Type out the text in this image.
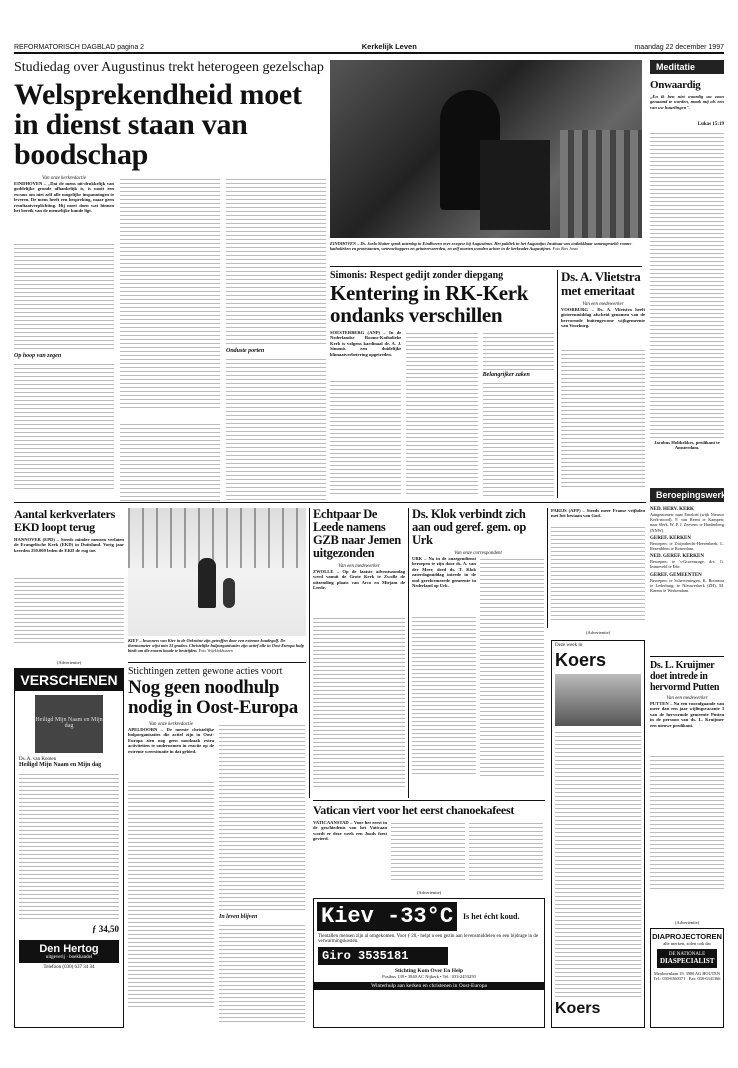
REFORMATORISCH DAGBLAD pagina 2	Kerkelijk Leven	maandag 22 december 1997
Studiedag over Augustinus trekt heterogeen gezelschap
Welsprekendheid moet in dienst staan van boodschap
Van onze kerkredactie
EINDHOVEN – „Dat de mens uit-drukkelijk van goddelijke gronde afhankelijk is, is nooit een excuus om niet zelf alle mogelijke inspanningen te leveren. De mens heeft een bespreking, maar geen resultaatverplichting. Hij moet doen wat binnen het bereik van de menselijke kunde ligt.
Op hoop van zegen

Onduste porten
EINDHOVEN – Ds. Joela Sluiter sprak zaterdag in Eindhoven over exegese bij Augustinus. Het publiek in het Augustijns Instituut was ontlokkbaar samengesteld: rooms-katholieken en protestanten, wetenschappers en geïnteresseerden, en zelf moeten wonden achter in de kerkrader Augustijnes. Foto Bert Janse
Meditatie
Onwaardig
„En ik ben niet waardig uw zoon genaamd te worden, maak mij als een van uw huurlingen".
Lukas 15:19
Jacobus Holtkekkes, predikant te Amsterdam.
Simonis: Respect gedijt zonder diepgang
Kentering in RK-Kerk ondanks verschillen
SOESTERBERG (ANP) – In de Nederlandse Rooms-Katholieke Kerk is volgens kardinaal dr. A. J. Simonis een duidelijke klimaatverbetering opgetreden.
Belangrijker zaken
Ds. A. Vlietstra met emeritaat
Van een medewerker
VOORBURG – Ds. A. Vlietstra heeft gisterenmiddag afscheid genomen van de hervormde buitengewone wijkgemeente van Voorburg.
Beroepingswerk
NED. HERV. KERK
Aangenomen: naar Emeloët (wijk Nieuwe Kerk-noord), F. van Reeni te Kampen; naar Slerk, W. P. J. Zeevenc te Hardenberg (NNW).
GEREF. KERKEN
Beroepen: te Zwijndrecht-Heerenbeek, L. Rezenblom te Rotterdam.
NED. GEREF. KERKEN
Beroepen: te 's-Gravenzage, drs. G. Immeveld te Ede.
GEREF. GEMEENTEN
Beroepen: te Scherveningen, K. Boonstra te Lederburg; te Nieuwerkerk (ZH), M. Karens te Werkendam.
Aantal kerkverlaters EKD loopt terug
HANNOVER (EPD) – Steeds minder mensen verlaten de Evangelische Kerk (EKD) in Duitsland. Vorig jaar keerden 250.000 leden de EKD de rug toe.
(Advertentie)
VERSCHENEN
Heiligd Mijn Naam en Mijn dag
Ds. A. van Kooten
Heiligd Mijn Naam en Mijn dag
ƒ 34,50
Den Hertog
uitgeverij · boekhandel
Telefoon (030) 637 34 34
KIEV – Inwoners van Kiev in de Oekraïne zijn getroffen door een extreme koudegolf. De thermometer wijst min 33 graden. Christelijke hulporganisaties zijn actief alle in Oost-Europa hulp biedt om die enorm koude te bestrijden. Foto Vrijeklokboezen
Stichtingen zetten gewone acties voort
Nog geen noodhulp nodig in Oost-Europa
Van onze kerkredactie
APELDOORN – De meeste christelijke hulporganisaties die actief zijn in Oost-Europa zien nog geen noodzaak extra activiteiten te ondernemen in reactie op de extreme weersituatie in dat gebied.
In leven blijven
Echtpaar De Leede namens GZB naar Jemen uitgezonden
Van een medewerker
ZWOLLE – Op de laatste adventszondag werd vanuit de Grote Kerk te Zwolle de uitzending plaats van Arco en Mirjam de Leede.
Ds. Klok verbindt zich aan oud geref. gem. op Urk
Van onze correspondent
URK – Na in de ouzegendienst beroepen te zijn door ds. A. van der Meer, deed ds. T. Klok zaterdagmiddag intrede in de oud gereformeerde gemeente in Nederland op Urk.
PARIJS (AFP) – Steeds meer Franse vrijhden met het bestaan van God.
(Advertentie)
Deze week in
Koers
Koers
Vatican viert voor het eerst chanoekafeest
VATICAANSTAD – Voor het eerst in de geschiedenis van het Vaticaan wordt er deze week een Joods feest gevierd.
(Advertentie)
Kiev -33°C	Is het écht koud.
Tientallen mensen zijn al omgekomen. Voor ƒ 20,- helpt u een gezin aan levensmiddelen en een bijdrage in de verwarmingskosten.
Giro 3535181
Stichting Kom Over En Help
Postbus 139 • 3840 AC Nijkerk • Tel.: 033-2453250
Winterhulp aan kerken en christenen in Oost-Europa
Ds. L. Kruijmer doet intrede in hervormd Putten
Van een medewerker
PUTTEN – Na een voorafgaande van meer dan een jaar wijlingsvacante 3 van de hervormde gemeente Putten in de persoon van ds. L. Kruijmer een nieuwe predikant.
(Advertentie)
DIAPROJECTOREN
alle merken, zolen ook dat
DE NATIONALE
DIASPECIALIST
Meidoornlaan 19, 3980 AG HOUTEN
Tel.: 030-6360371 · Fax: 030-6341366
